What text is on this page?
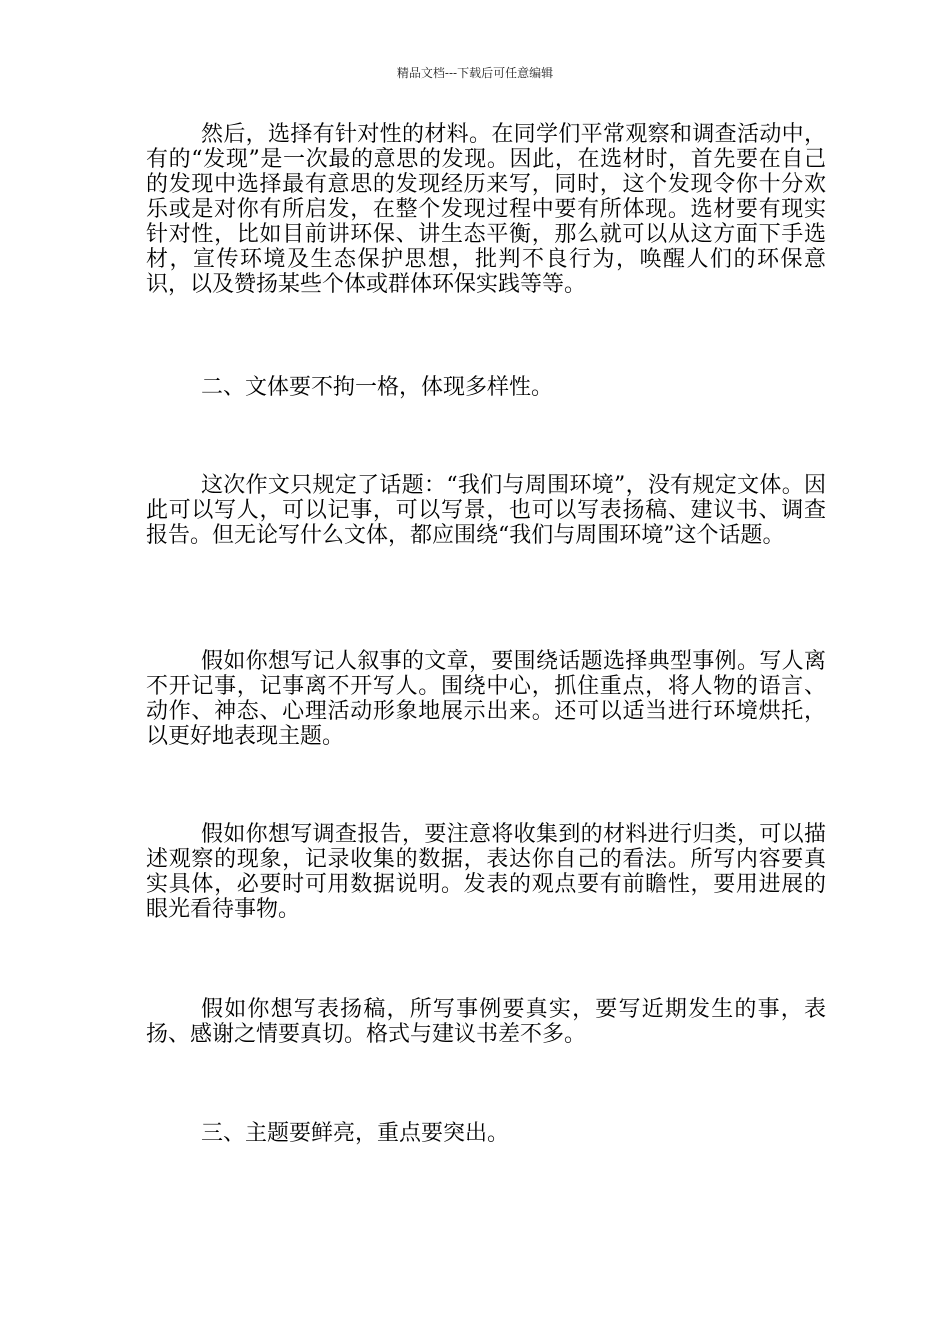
精品文档---下载后可任意编辑

然后，选择有针对性的材料。在同学们平常观察和调查活动中，有的“发现”是一次最的意思的发现。因此，在选材时，首先要在自己的发现中选择最有意思的发现经历来写，同时，这个发现令你十分欢乐或是对你有所启发，在整个发现过程中要有所体现。选材要有现实针对性，比如目前讲环保、讲生态平衡，那么就可以从这方面下手选材，宣传环境及生态保护思想，批判不良行为，唤醒人们的环保意识，以及赞扬某些个体或群体环保实践等等。

二、文体要不拘一格，体现多样性。

这次作文只规定了话题：“我们与周围环境”，没有规定文体。因此可以写人，可以记事，可以写景，也可以写表扬稿、建议书、调查报告。但无论写什么文体，都应围绕“我们与周围环境”这个话题。

假如你想写记人叙事的文章，要围绕话题选择典型事例。写人离不开记事，记事离不开写人。围绕中心，抓住重点，将人物的语言、动作、神态、心理活动形象地展示出来。还可以适当进行环境烘托，以更好地表现主题。

假如你想写调查报告，要注意将收集到的材料进行归类，可以描述观察的现象，记录收集的数据，表达你自己的看法。所写内容要真实具体，必要时可用数据说明。发表的观点要有前瞻性，要用进展的眼光看待事物。

假如你想写表扬稿，所写事例要真实，要写近期发生的事，表扬、感谢之情要真切。格式与建议书差不多。

三、主题要鲜亮，重点要突出。
